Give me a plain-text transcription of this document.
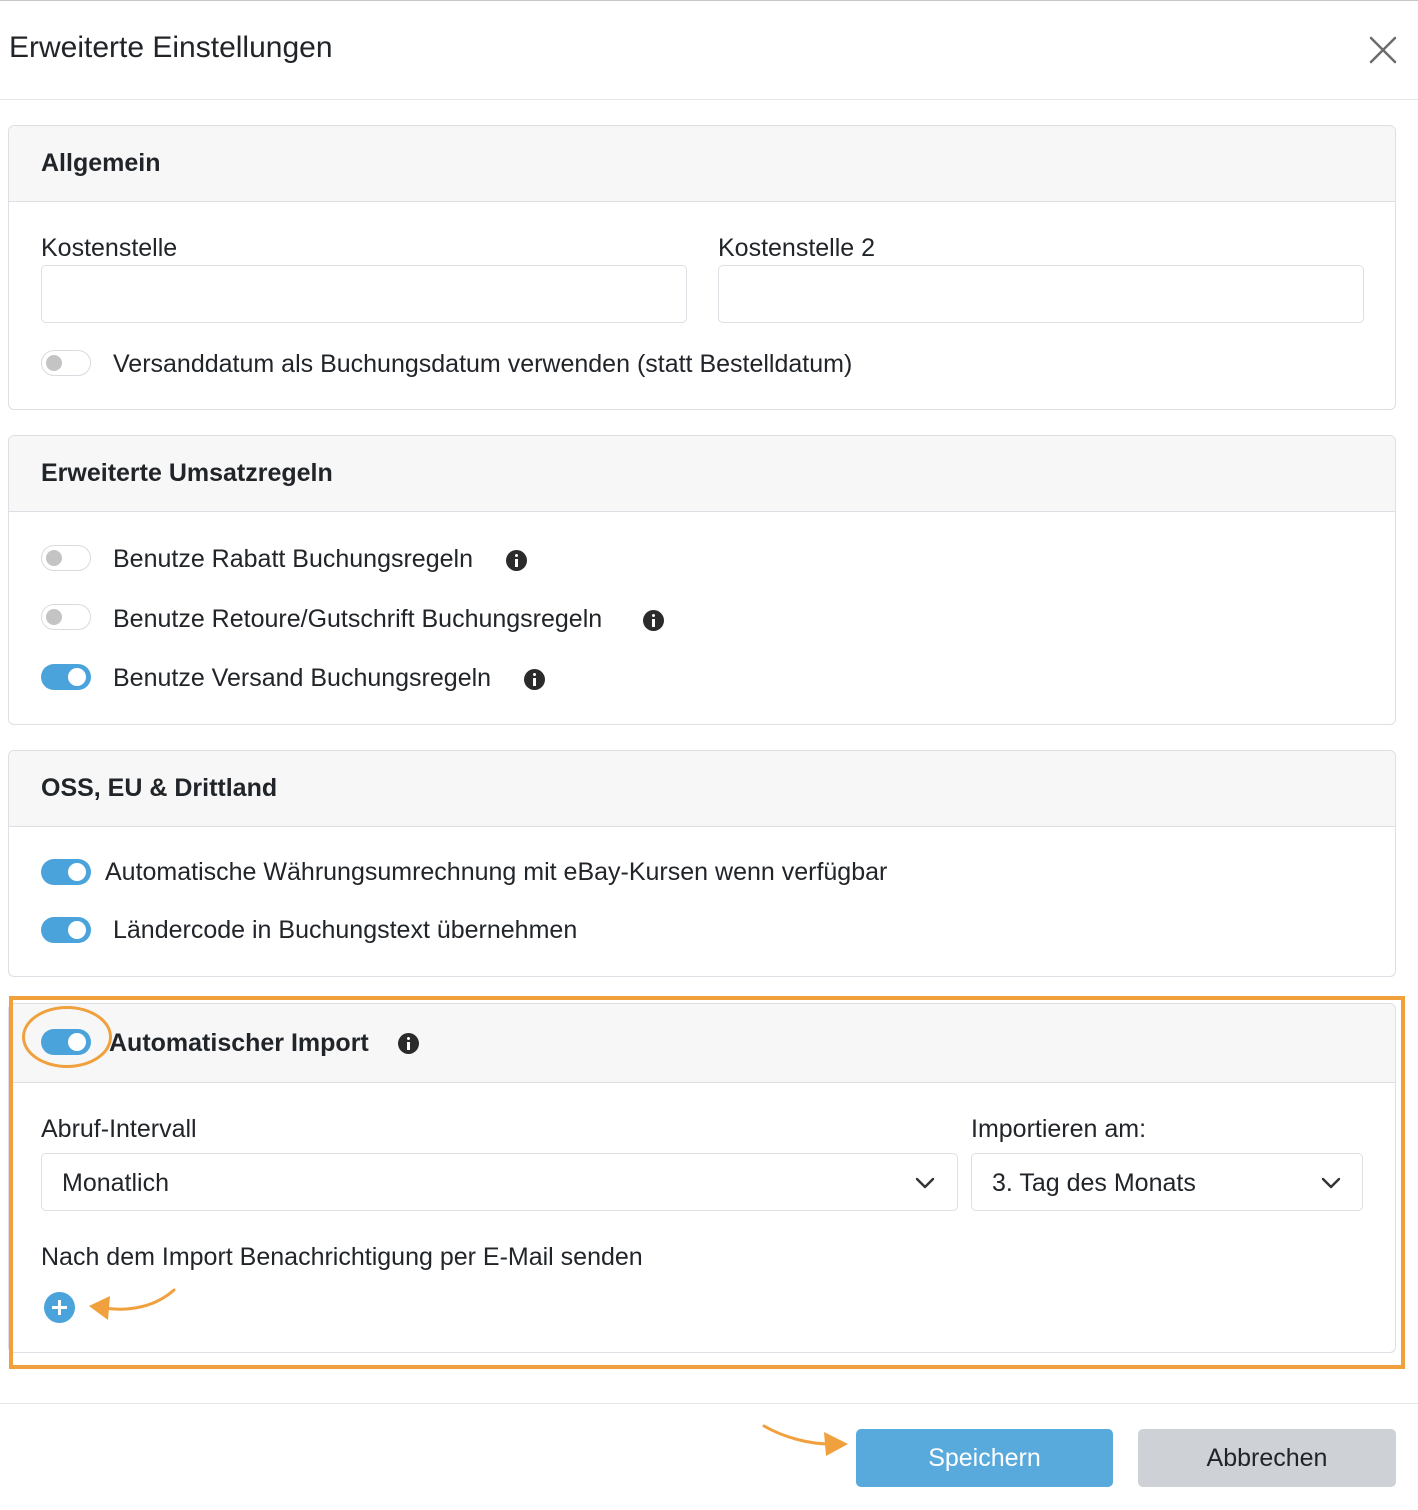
Erweiterte Einstellungen
Allgemein
Kostenstelle	Kostenstelle 2
Versanddatum als Buchungsdatum verwenden (statt Bestelldatum)
Erweiterte Umsatzregeln
Benutze Rabatt Buchungsregeln
Benutze Retoure/Gutschrift Buchungsregeln
Benutze Versand Buchungsregeln
OSS, EU & Drittland
Automatische Währungsumrechnung mit eBay-Kursen wenn verfügbar
Ländercode in Buchungstext übernehmen
Automatischer Import
Abruf-Intervall
Monatlich
Importieren am:
3. Tag des Monats
Nach dem Import Benachrichtigung per E-Mail senden
Speichern	Abbrechen
